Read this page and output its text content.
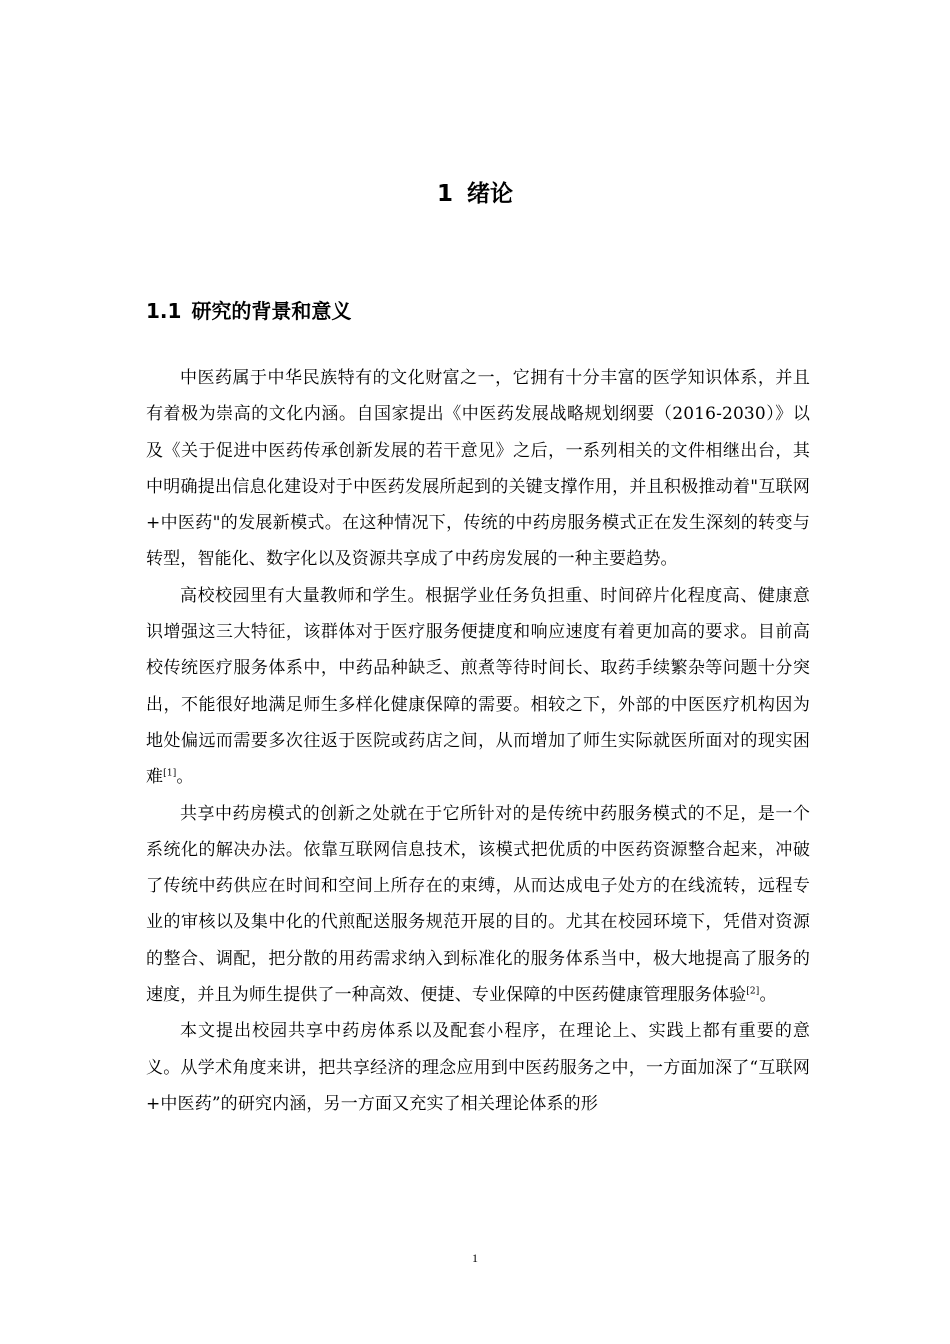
1 绪论
1.1 研究的背景和意义

中医药属于中华民族特有的文化财富之一，它拥有十分丰富的医学知识体系，并且有着极为崇高的文化内涵。自国家提出《中医药发展战略规划纲要（2016-2030）》以及《关于促进中医药传承创新发展的若干意见》之后，一系列相关的文件相继出台，其中明确提出信息化建设对于中医药发展所起到的关键支撑作用，并且积极推动着"互联网+中医药"的发展新模式。在这种情况下，传统的中药房服务模式正在发生深刻的转变与转型，智能化、数字化以及资源共享成了中药房发展的一种主要趋势。

高校校园里有大量教师和学生。根据学业任务负担重、时间碎片化程度高、健康意识增强这三大特征，该群体对于医疗服务便捷度和响应速度有着更加高的要求。目前高校传统医疗服务体系中，中药品种缺乏、煎煮等待时间长、取药手续繁杂等问题十分突出，不能很好地满足师生多样化健康保障的需要。相较之下，外部的中医医疗机构因为地处偏远而需要多次往返于医院或药店之间，从而增加了师生实际就医所面对的现实困难[1]。

共享中药房模式的创新之处就在于它所针对的是传统中药服务模式的不足，是一个系统化的解决办法。依靠互联网信息技术，该模式把优质的中医药资源整合起来，冲破了传统中药供应在时间和空间上所存在的束缚，从而达成电子处方的在线流转，远程专业的审核以及集中化的代煎配送服务规范开展的目的。尤其在校园环境下，凭借对资源的整合、调配，把分散的用药需求纳入到标准化的服务体系当中，极大地提高了服务的速度，并且为师生提供了一种高效、便捷、专业保障的中医药健康管理服务体验[2]。

本文提出校园共享中药房体系以及配套小程序，在理论上、实践上都有重要的意义。从学术角度来讲，把共享经济的理念应用到中医药服务之中，一方面加深了“互联网+中医药”的研究内涵，另一方面又充实了相关理论体系的形

1
